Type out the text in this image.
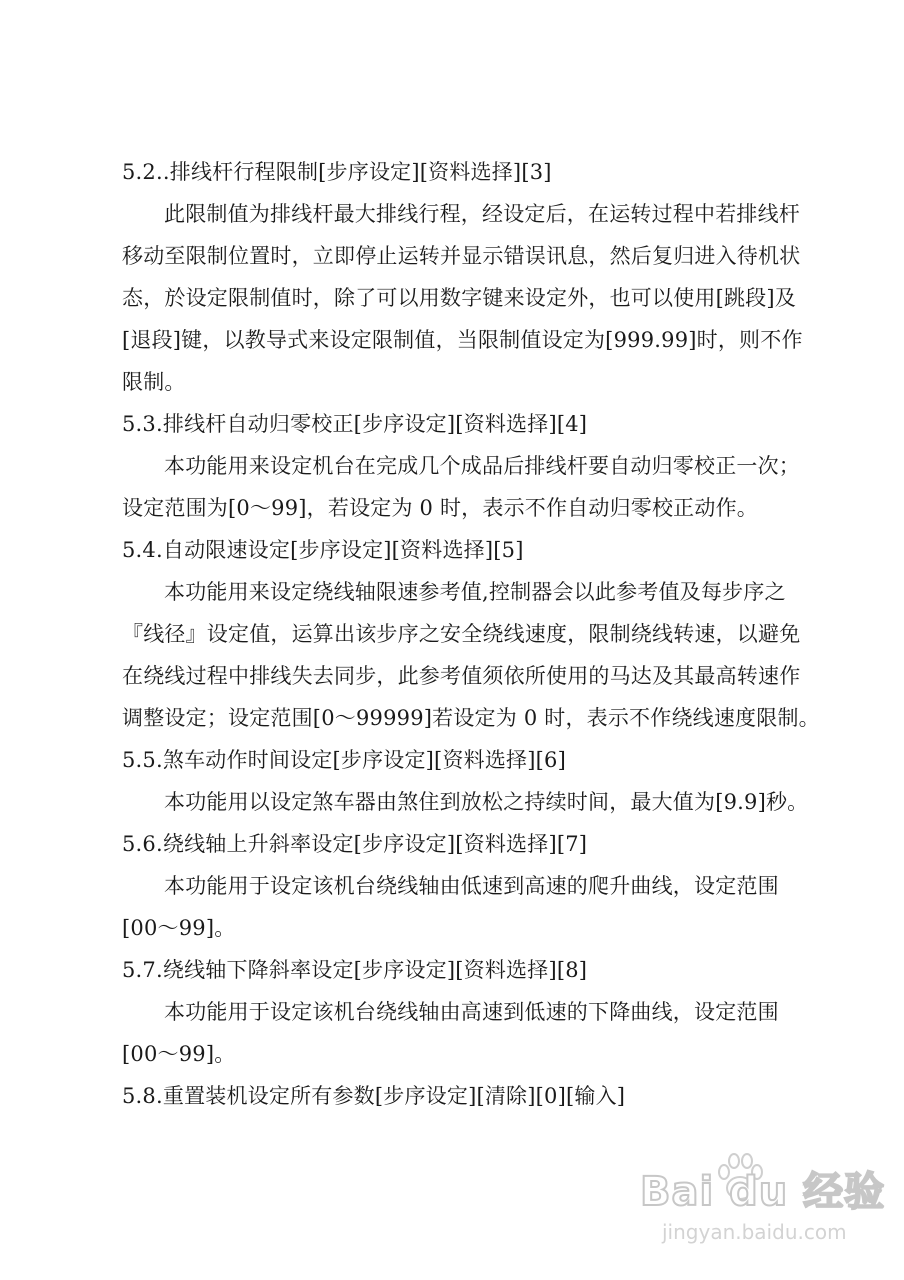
5.2..排线杆行程限制[步序设定][资料选择][3]
此限制值为排线杆最大排线行程，经设定后，在运转过程中若排线杆
移动至限制位置时，立即停止运转并显示错误讯息，然后复归进入待机状
态，於设定限制值时，除了可以用数字键来设定外，也可以使用[跳段]及
[退段]键，以教导式来设定限制值，当限制值设定为[999.99]时，则不作
限制。
5.3.排线杆自动归零校正[步序设定][资料选择][4]
本功能用来设定机台在完成几个成品后排线杆要自动归零校正一次；
设定范围为[0～99]，若设定为 0 时，表示不作自动归零校正动作。
5.4.自动限速设定[步序设定][资料选择][5]
本功能用来设定绕线轴限速参考值,控制器会以此参考值及每步序之
『线径』设定值，运算出该步序之安全绕线速度，限制绕线转速，以避免
在绕线过程中排线失去同步，此参考值须依所使用的马达及其最高转速作
调整设定；设定范围[0～99999]若设定为 0 时，表示不作绕线速度限制。
5.5.煞车动作时间设定[步序设定][资料选择][6]
本功能用以设定煞车器由煞住到放松之持续时间，最大值为[9.9]秒。
5.6.绕线轴上升斜率设定[步序设定][资料选择][7]
本功能用于设定该机台绕线轴由低速到高速的爬升曲线，设定范围
[00～99]。
5.7.绕线轴下降斜率设定[步序设定][资料选择][8]
本功能用于设定该机台绕线轴由高速到低速的下降曲线，设定范围
[00～99]。
5.8.重置装机设定所有参数[步序设定][清除][0][输入]
Bai du 经验
jingyan.baidu.com
